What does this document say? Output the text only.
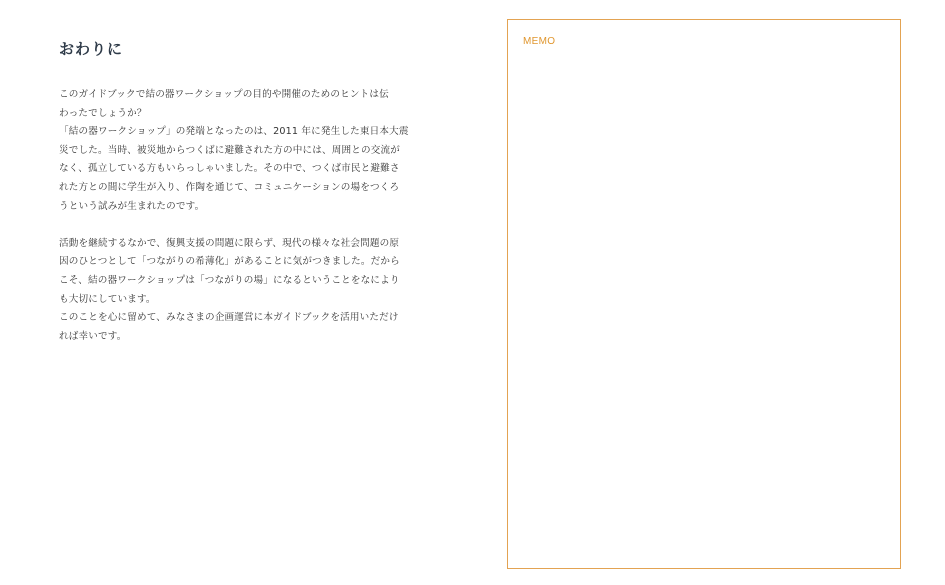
おわりに
このガイドブックで結の器ワークショップの目的や開催のためのヒントは伝
わったでしょうか？
「結の器ワークショップ」の発端となったのは、2011 年に発生した東日本大震
災でした。当時、被災地からつくばに避難された方の中には、周囲との交流が
なく、孤立している方もいらっしゃいました。その中で、つくば市民と避難さ
れた方との間に学生が入り、作陶を通じて、コミュニケーションの場をつくろ
うという試みが生まれたのです。
活動を継続するなかで、復興支援の問題に限らず、現代の様々な社会問題の原
因のひとつとして「つながりの希薄化」があることに気がつきました。だから
こそ、結の器ワークショップは「つながりの場」になるということをなにより
も大切にしています。
このことを心に留めて、みなさまの企画運営に本ガイドブックを活用いただけ
れば幸いです。
MEMO
